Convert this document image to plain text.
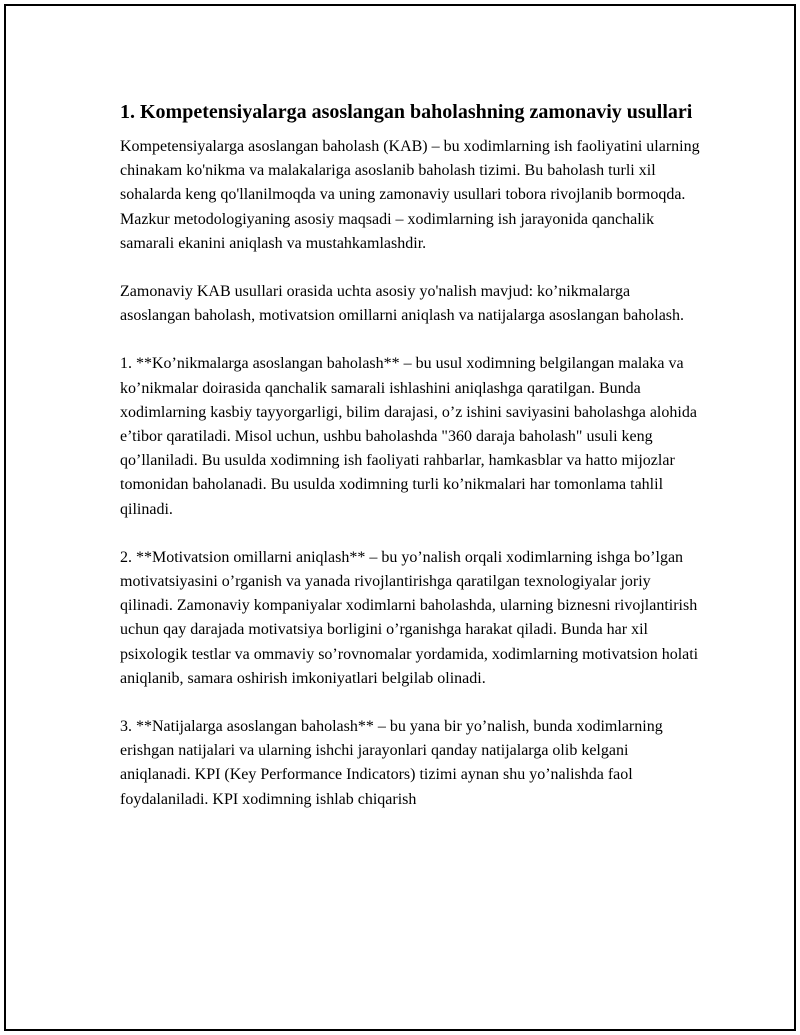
1. Kompetensiyalarga asoslangan baholashning zamonaviy usullari

Kompetensiyalarga asoslangan baholash (KAB) – bu xodimlarning ish faoliyatini ularning chinakam ko'nikma va malakalariga asoslanib baholash tizimi. Bu baholash turli xil sohalarda keng qo'llanilmoqda va uning zamonaviy usullari tobora rivojlanib bormoqda. Mazkur metodologiyaning asosiy maqsadi – xodimlarning ish jarayonida qanchalik samarali ekanini aniqlash va mustahkamlashdir.

Zamonaviy KAB usullari orasida uchta asosiy yo'nalish mavjud: ko’nikmalarga asoslangan baholash, motivatsion omillarni aniqlash va natijalarga asoslangan baholash.

1. **Ko’nikmalarga asoslangan baholash** – bu usul xodimning belgilangan malaka va ko’nikmalar doirasida qanchalik samarali ishlashini aniqlashga qaratilgan. Bunda xodimlarning kasbiy tayyorgarligi, bilim darajasi, o’z ishini saviyasini baholashga alohida e’tibor qaratiladi. Misol uchun, ushbu baholashda "360 daraja baholash" usuli keng qo’llaniladi. Bu usulda xodimning ish faoliyati rahbarlar, hamkasblar va hatto mijozlar tomonidan baholanadi. Bu usulda xodimning turli ko’nikmalari har tomonlama tahlil qilinadi.

2. **Motivatsion omillarni aniqlash** – bu yo’nalish orqali xodimlarning ishga bo’lgan motivatsiyasini o’rganish va yanada rivojlantirishga qaratilgan texnologiyalar joriy qilinadi. Zamonaviy kompaniyalar xodimlarni baholashda, ularning biznesni rivojlantirish uchun qay darajada motivatsiya borligini o’rganishga harakat qiladi. Bunda har xil psixologik testlar va ommaviy so’rovnomalar yordamida, xodimlarning motivatsion holati aniqlanib, samara oshirish imkoniyatlari belgilab olinadi.

3. **Natijalarga asoslangan baholash** – bu yana bir yo’nalish, bunda xodimlarning erishgan natijalari va ularning ishchi jarayonlari qanday natijalarga olib kelgani aniqlanadi. KPI (Key Performance Indicators) tizimi aynan shu yo’nalishda faol foydalaniladi. KPI xodimning ishlab chiqarish
